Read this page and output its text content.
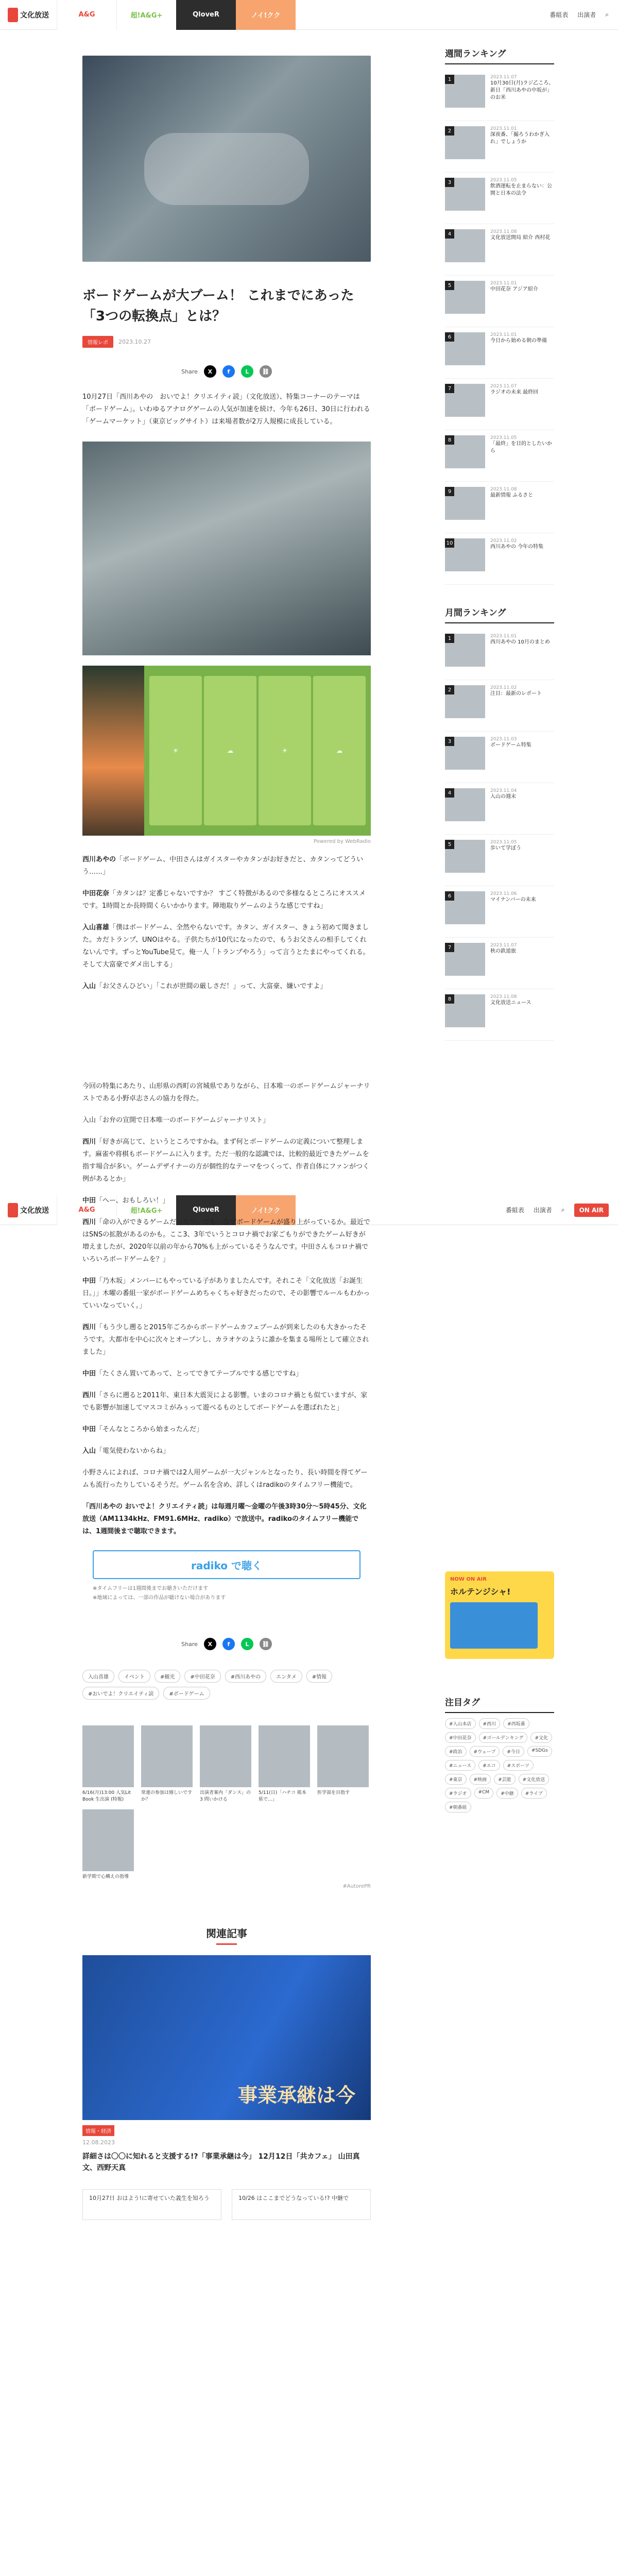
文化放送	A&G	超!A&G+	QloveR	ノイ!クク	番組表 出演者 ⌕
文化放送	A&G	超!A&G+	QloveR	ノイ!クク	番組表 出演者 ⌕	ON AIR
ボードゲームが大ブーム！ これまでにあった「3つの転換点」とは？
情報レポ	2023.10.27
Share	X	f	L	⛓

10月27日「西川あやの　おいでよ！クリエイティ読」（文化放送）、特集コーナーのテーマは「ボードゲーム」。いわゆるアナログゲームの人気が加速を続け、今年も26日、30日に行われる「ゲームマーケット」（東京ビッグサイト）は来場者数が2万人規模に成長している。

☀	☁	☀	☁
Powered by WebRadio

西川あやの「ボードゲーム、中田さんはガイスターやカタンがお好きだと、カタンってどういう……」

中田花奈「カタンは？定番じゃないですか？ すごく特徴があるので多様なるところにオススメです。1時間とか長時間くらいかかります。陣地取りゲームのような感じですね」

入山喜雄「僕はボードゲーム、全然やらないです。カタン、ガイスター、きょう初めて聞きました。カだトランプ、UNOはやる。子供たちが10代になったので、もうお父さんの相手してくれないんです。ずっとYouTube見て。俺一人「トランプやろう」って言うとたまにやってくれる。そして大富豪でダメ出しする」

入山「お父さんひどい」「これが世間の厳しさだ！」って、大富豪、嫌いですよ」

今回の特集にあたり、山形県の西町の宮城県でありながら、日本唯一のボードゲームジャーナリストである小野卓志さんの協力を得た。

入山「お弁の宣開で日本唯一のボードゲームジャーナリスト」

西川「好きが高じて、というところですかね。まず何とボードゲームの定義について整理します。麻雀や将棋もボードゲームに入ります。ただ一般的な認識では、比較的最近できたゲームを指す場合が多い。ゲームデザイナーの方が個性的なテーマをつくって、作者自体にファンがつく例があるとか」

中田「へー、おもしろい！」

西川「命の入ができるゲームだったり。でも、なぜボードゲームが盛り上がっているか。最近ではSNSの拡散があるのかも。ここ3、3年でいうとコロナ禍でお家ごもりができたゲーム好きが増えましたが、2020年以前の年から70%も上がっているそうなんです。中田さんもコロナ禍でいろいろボードゲームを？」

中田「乃木坂」メンバーにもやっている子がありましたんです。それこそ「文化放送「お誕生日。」」木曜の番組一家がボードゲームめちゃくちゃ好きだったので、その影響でルールもわかっていいなっていく。」

西川「もう少し遡ると2015年ごろからボードゲームカフェブームが到来したのも大きかったそうです。大都市を中心に次々とオープンし、カラオケのように誰かを集まる場所として確立されました」

中田「たくさん置いてあって、とってできてテーブルでする感じですね」

西川「さらに遡ると2011年、東日本大震災による影響。いまのコロナ禍とも似ていますが、家でも影響が加速してマスコミがみぅって遊べるものとしてボードゲームを選ばれたと」

中田「そんなところから始まったんだ」

入山「電気使わないからね」

小野さんによれば、コロナ禍では2人用ゲームが一大ジャンルとなったり、長い時間を得てゲームも流行ったりしているそうだ。ゲーム名を含め、詳しくはradikoのタイムフリー機能で。

「西川あやの おいでよ！クリエイティ読」は毎週月曜〜金曜の午後3時30分〜5時45分、文化放送（AM1134kHz、FM91.6MHz、radiko）で放送中。radikoのタイムフリー機能では、1週間後まで聴取できます。

radiko で聴く
※タイムフリーは1週間後までお聴きいただけます
※地域によっては、一部の作品が聴けない場合があります
Share	X	f	L	⛓
入山喜雄	イベント	#観光	#中田花奈	#西川あやの	エンタメ	#情報
#おいでよ！クリエイティ読	#ボードゲーム
6/16(月)13:00 人気Lit Book 生出演 (特報)
常連の参加は嬉しいですか？
出演者案内「ダンス」の 3 問いかける
5/11(日)「ハチコ 熊本県で…」
医学部を目指す
新学期で心構えの指導
#AutorePR
関連記事
事業承継は今
情報・経済
12.08.2023
詳細さは〇〇に知れると支援する!?「事業承継は今」 12月12日「共カフェ」 山田真文、西野天真
10月27日 おはよう!に寄せていた義生を知ろう	10/26 はここまでどうなっている!? 中継で
週間ランキング
1	2023.11.07
10月30日(月)ラジ乙ころ。新日「西川あやの中坂が」のお米
2	2023.11.01
深夜番、「撮ろうわかぎ入れ」でしょうか
3	2023.11.05
飲酒運転を止まらない：公開と日本の法令
4	2023.11.08
文化放送開局 紹介 西村花
5	2023.11.01
中田花奈 アジア紹介
6	2023.11.01
今日から始める朝の準備
7	2023.11.07
ラジオの未来 最終回
8	2023.11.05
「最終」を目的としたいから
9	2023.11.08
最新情報 ふるさと
10	2023.11.02
西川あやの 今年の特集
月間ランキング
1	2023.11.01
西川あやの 10月のまとめ
2	2023.11.02
注目：最新のレポート
3	2023.11.03
ボードゲーム特集
4	2023.11.04
入山の週末
5	2023.11.05
歩いて学ぼう
6	2023.11.06
マイナンバーの未来
7	2023.11.07
秋の鉄道旅
8	2023.11.08
文化放送ニュース
NOW ON AIR
ホルテンジシャ!
注目タグ
#入山本店	#西川	#西坂番
#中田花奈	#ゴールデンキング	#文化
#政治	#ウェーブ	#今日	#SDGs
#ニュース	#エコ	#スポーツ
#東京	#映画	#芸能	#文化放送
#ラジオ	#CM	#中継	#ライブ
#朝番組
